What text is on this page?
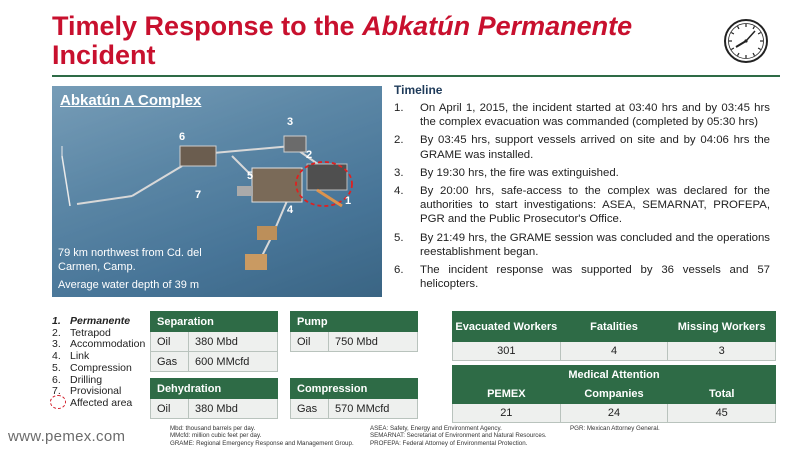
Timely Response to the Abkatún Permanente
Incident
Abkatún A Complex
1
2
3
4
5
6
7
79 km northwest from Cd. del Carmen, Camp.
Average water depth of 39 m
Timeline
1.	On April 1, 2015, the incident started at 03:40 hrs and by 03:45 hrs the complex evacuation was commanded (completed by 05:30 hrs)
2.	By 03:45 hrs, support vessels arrived on site and by 04:06 hrs the GRAME was installed.
3.	By 19:30 hrs, the fire was extinguished.
4.	By 20:00 hrs, safe-access to the complex was declared for the authorities to start investigations: ASEA, SEMARNAT, PROFEPA, PGR and the Public Prosecutor's Office.
5.	By 21:49 hrs, the GRAME session was concluded and the operations reestablishment began.
6.	The incident response was supported by 36 vessels and 57 helicopters.
1. Permanente
2. Tetrapod
3. Accommodation
4. Link
5. Compression
6. Drilling
7. Provisional
Affected area
Separation	
Oil	380 Mbd
Gas	600 MMcfd
Pump
Oil	750 Mbd
Dehydration
Oil	380 Mbd
Compression
Gas	570 MMcfd
Evacuated Workers	Fatalities	Missing Workers
301	4	3
Medical Attention		
PEMEX	Companies	Total
21	24	45
Mbd: thousand barrels per day.
MMcfd: million cubic feet per day.
GRAME: Regional Emergency Response and Management Group.
ASEA: Safety, Energy and Environment Agency.
SEMARNAT: Secretariat of Environment and Natural Resources.
PROFEPA: Federal Attorney of Environmental Protection.
PGR: Mexican Attorney General.
www.pemex.com
